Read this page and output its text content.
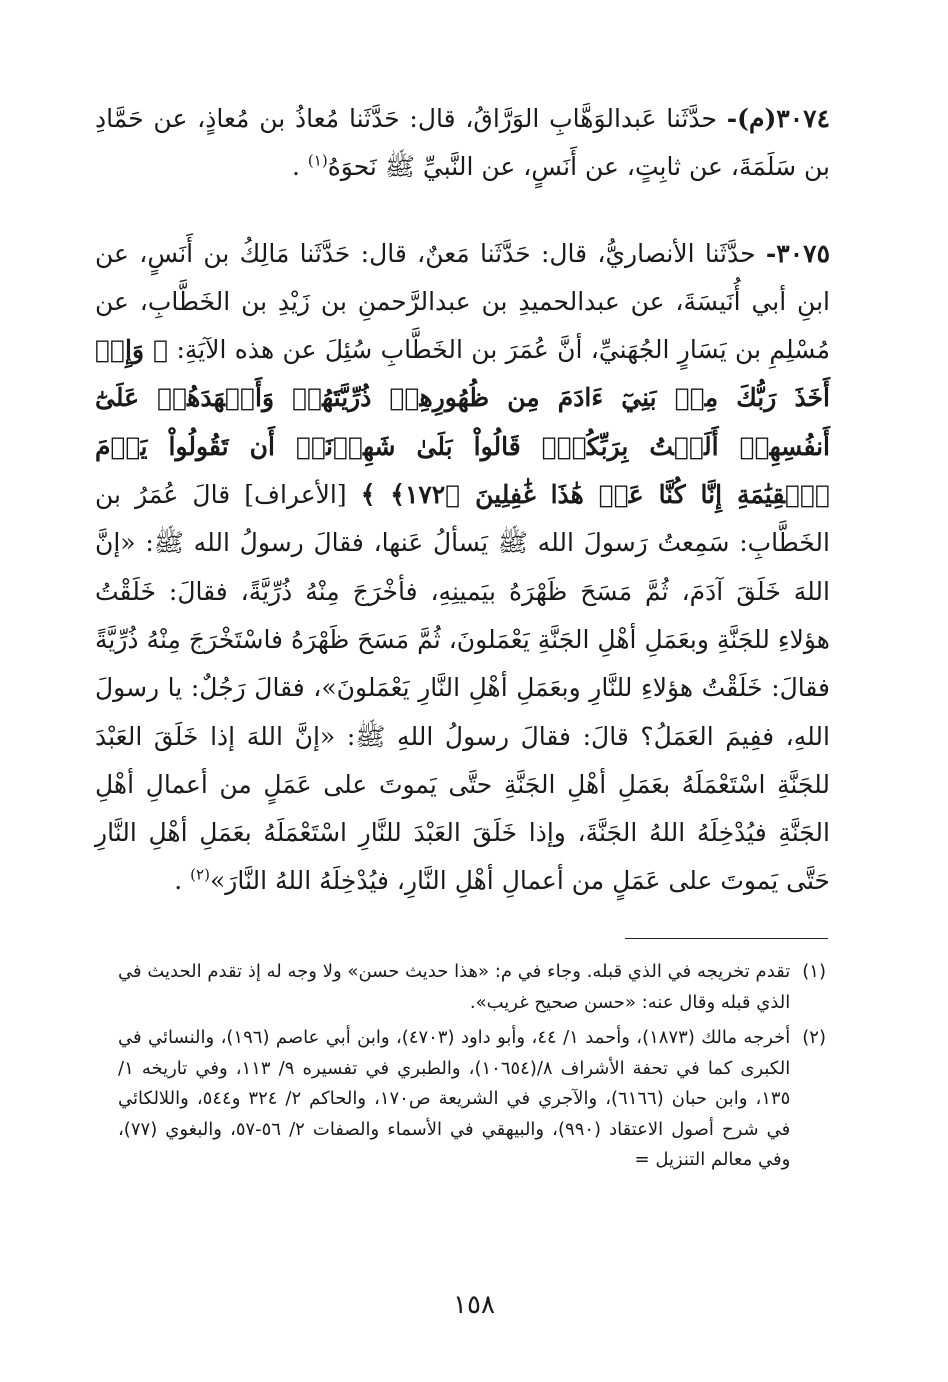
٣٠٧٤(م)- حدَّثَنا عَبدالوَهَّابِ الوَرَّاقُ، قال: حَدَّثَنا مُعاذُ بن مُعاذٍ، عن حَمَّادِ بن سَلَمَةَ، عن ثابِتٍ، عن أَنَسٍ، عن النَّبيِّ ﷺ نَحوَهُ$^{(١)}$ .

٣٠٧٥- حدَّثَنا الأنصاريُّ، قال: حَدَّثَنا مَعنٌ، قال: حَدَّثَنا مَالِكُ بن أَنَسٍ، عن ابنِ أبي أُنَيسَةَ، عن عبدالحميدِ بن عبدالرَّحمنِ بن زَيْدِ بن الخَطَّابِ، عن مُسْلِمِ بن يَسَارٍ الجُهَنيِّ، أنَّ عُمَرَ بن الخَطَّابِ سُئِلَ عن هذه الآيَةِ: ﴿ وَإِذۡ أَخَذَ رَبُّكَ مِنۢ بَنِيٓ ءَادَمَ مِن ظُهُورِهِمۡ ذُرِّيَّتَهُمۡ وَأَشۡهَدَهُمۡ عَلَىٰٓ أَنفُسِهِمۡ أَلَسۡتُ بِرَبِّكُمۡۖ قَالُواْ بَلَىٰ شَهِدۡنَآۚ أَن تَقُولُواْ يَوۡمَ ٱلۡقِيَٰمَةِ إِنَّا كُنَّا عَنۡ هَٰذَا غَٰفِلِينَ ﴿١٧٢﴾ ﴾ [الأعراف] قالَ عُمَرُ بن الخَطَّابِ: سَمِعتُ رَسولَ الله ﷺ يَسألُ عَنها، فقالَ رسولُ الله ﷺ: «إنَّ اللهَ خَلَقَ آدَمَ، ثُمَّ مَسَحَ ظَهْرَهُ بيَمينِهِ، فأخْرَجَ مِنْهُ ذُرِّيَّةً، فقالَ: خَلَقْتُ هؤلاءِ للجَنَّةِ وبعَمَلِ أهْلِ الجَنَّةِ يَعْمَلونَ، ثُمَّ مَسَحَ ظَهْرَهُ فاسْتَخْرَجَ مِنْهُ ذُرِّيَّةً فقالَ: خَلَقْتُ هؤلاءِ للنَّارِ وبعَمَلِ أهْلِ النَّارِ يَعْمَلونَ»، فقالَ رَجُلٌ: يا رسولَ اللهِ، ففِيمَ العَمَلُ؟ قالَ: فقالَ رسولُ اللهِ ﷺ: «إنَّ اللهَ إذا خَلَقَ العَبْدَ للجَنَّةِ اسْتَعْمَلَهُ بعَمَلِ أهْلِ الجَنَّةِ حتَّى يَموتَ على عَمَلٍ من أعمالِ أهْلِ الجَنَّةِ فيُدْخِلَهُ اللهُ الجَنَّةَ، وإذا خَلَقَ العَبْدَ للنَّارِ اسْتَعْمَلَهُ بعَمَلِ أهْلِ النَّارِ حَتَّى يَموتَ على عَمَلٍ من أعمالِ أهْلِ النَّارِ، فيُدْخِلَهُ اللهُ النَّارَ»$^{(٢)}$ .

(١)
تقدم تخريجه في الذي قبله. وجاء في م: «هذا حديث حسن» ولا وجه له إذ تقدم الحديث في الذي قبله وقال عنه: «حسن صحيح غريب».
(٢)
أخرجه مالك (١٨٧٣)، وأحمد ١/ ٤٤، وأبو داود (٤٧٠٣)، وابن أبي عاصم (١٩٦)، والنسائي في الكبرى كما في تحفة الأشراف ٨/(١٠٦٥٤)، والطبري في تفسيره ٩/ ١١٣، وفي تاريخه ١/ ١٣٥، وابن حبان (٦١٦٦)، والآجري في الشريعة ص١٧٠، والحاكم ٢/ ٣٢٤ و٥٤٤، واللالكائي في شرح أصول الاعتقاد (٩٩٠)، والبيهقي في الأسماء والصفات ٢/ ٥٦-٥٧، والبغوي (٧٧)، وفي معالم التنزيل =
١٥٨
